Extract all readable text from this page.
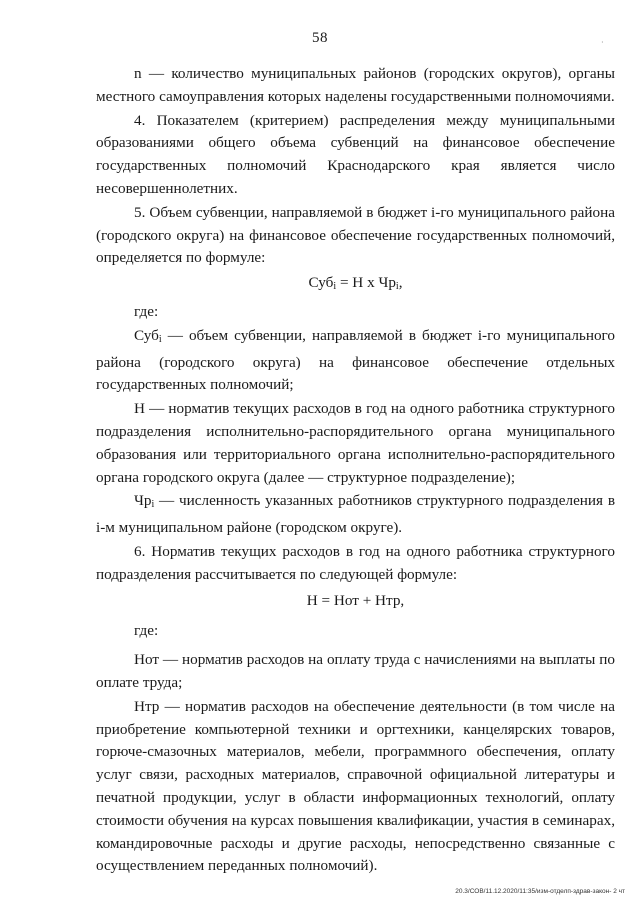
58	·

n — количество муниципальных районов (городских округов), органы местного самоуправления которых наделены государственными полномочиями.

4. Показателем (критерием) распределения между муниципальными образованиями общего объема субвенций на финансовое обеспечение государственных полномочий Краснодарского края является число несовершеннолетних.

5. Объем субвенции, направляемой в бюджет i-го муниципального района (городского округа) на финансовое обеспечение государственных полномочий, определяется по формуле:

Суб$_i$ = Н х $Чр_i$,

где:

Суб$_i$ — объем субвенции, направляемой в бюджет i-го муниципального района (городского округа) на финансовое обеспечение отдельных государственных полномочий;

Н — норматив текущих расходов в год на одного работника структурного подразделения исполнительно-распорядительного органа муниципального образования или территориального органа исполнительно-распорядительного органа городского округа (далее — структурное подразделение);

$Чр_i$ — численность указанных работников структурного подразделения в i-м муниципальном районе (городском округе).

6. Норматив текущих расходов в год на одного работника структурного подразделения рассчитывается по следующей формуле:

Н = Нот + Нтр,

где:

Нот — норматив расходов на оплату труда с начислениями на выплаты по оплате труда;

Нтр — норматив расходов на обеспечение деятельности (в том числе на приобретение компьютерной техники и оргтехники, канцелярских товаров, горюче-смазочных материалов, мебели, программного обеспечения, оплату услуг связи, расходных материалов, справочной официальной литературы и печатной продукции, услуг в области информационных технологий, оплату стоимости обучения на курсах повышения квалификации, участия в семинарах, командировочные расходы и другие расходы, непосредственно связанные с осуществлением переданных полномочий).

20.3/СОВ/11.12.2020/11:35/изм-отделп-здрав-закон- 2 чт
